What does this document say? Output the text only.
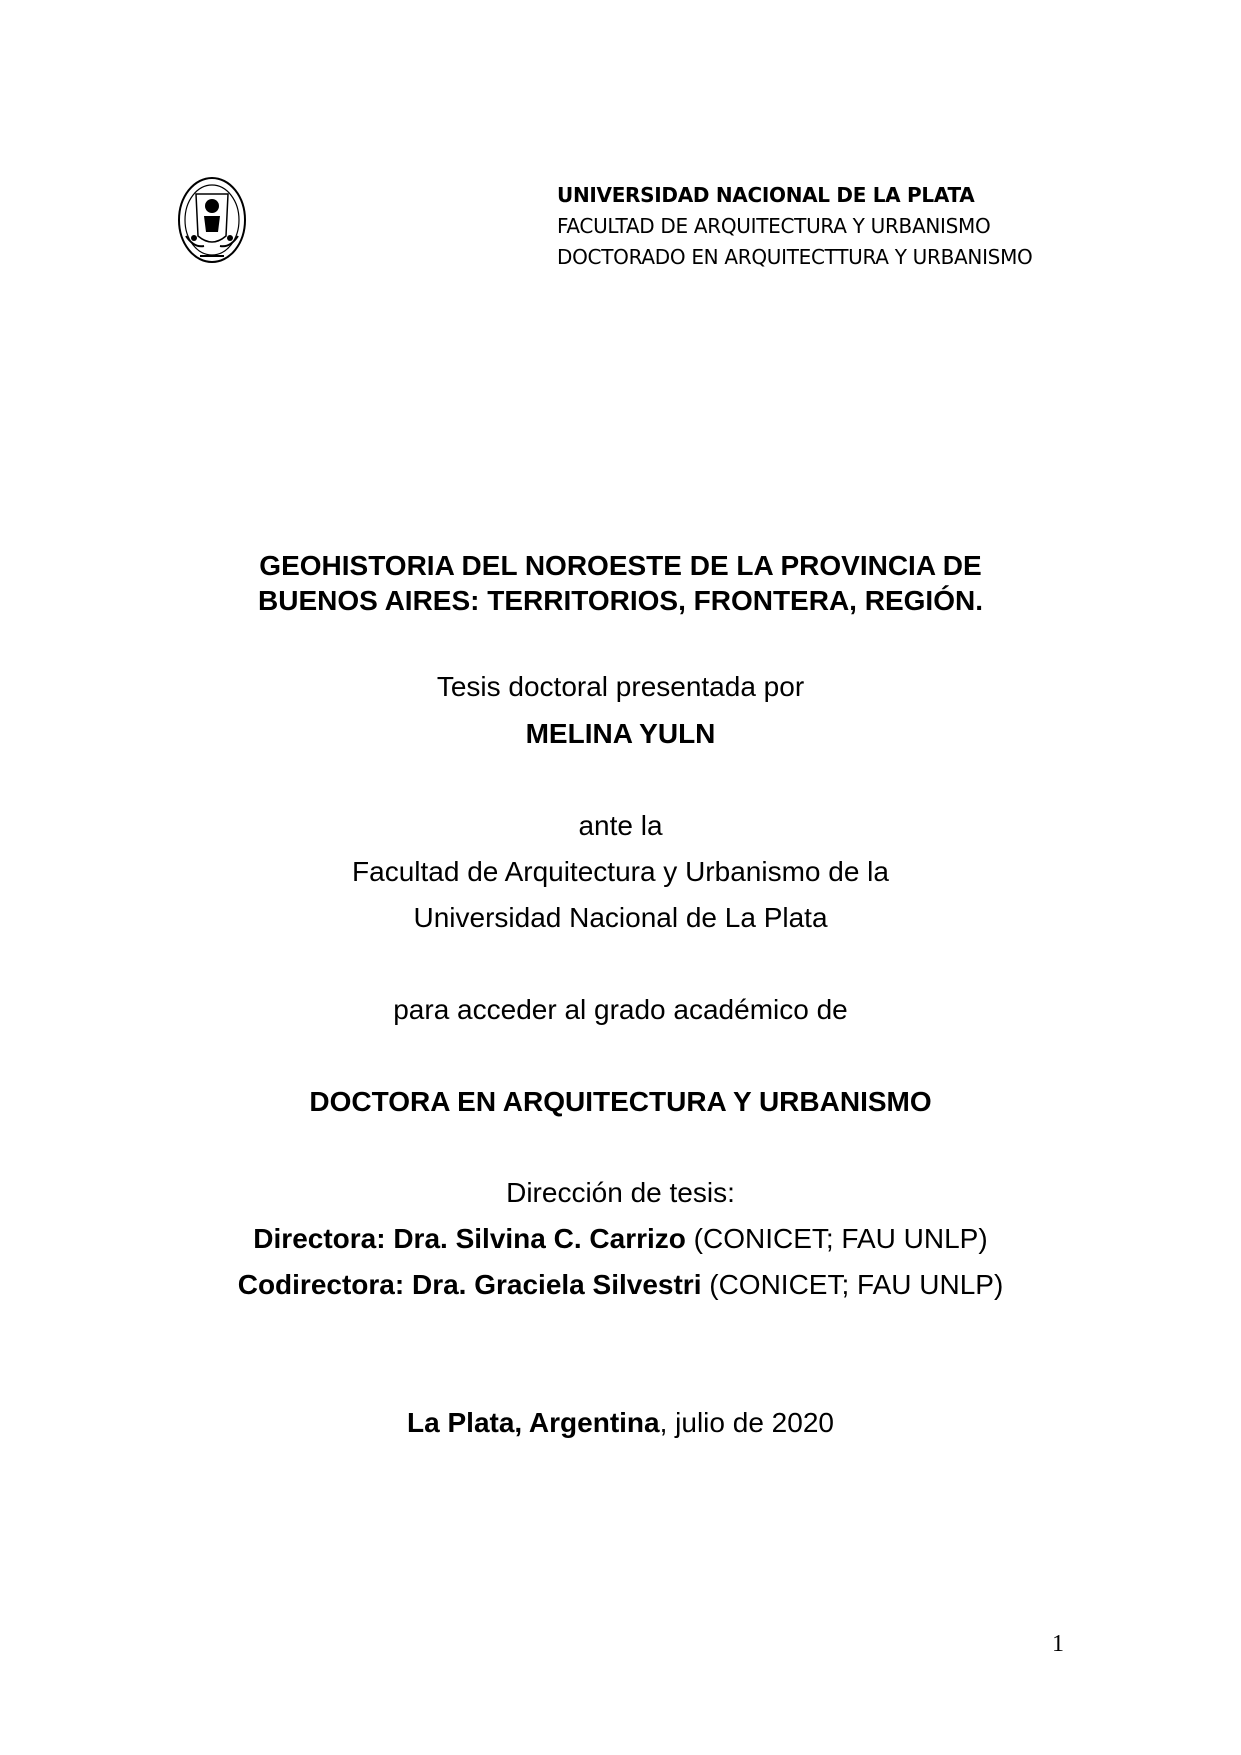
UNIVERSIDAD NACIONAL DE LA PLATA
FACULTAD DE ARQUITECTURA Y URBANISMO
DOCTORADO EN ARQUITECTTURA Y URBANISMO
GEOHISTORIA DEL NOROESTE DE LA PROVINCIA DE
BUENOS AIRES: TERRITORIOS, FRONTERA, REGIÓN.
Tesis doctoral presentada por
MELINA YULN
ante la
Facultad de Arquitectura y Urbanismo de la
Universidad Nacional de La Plata
para acceder al grado académico de
DOCTORA EN ARQUITECTURA Y URBANISMO
Dirección de tesis:
Directora: Dra. Silvina C. Carrizo (CONICET; FAU UNLP)
Codirectora: Dra. Graciela Silvestri (CONICET; FAU UNLP)
La Plata, Argentina, julio de 2020
1
